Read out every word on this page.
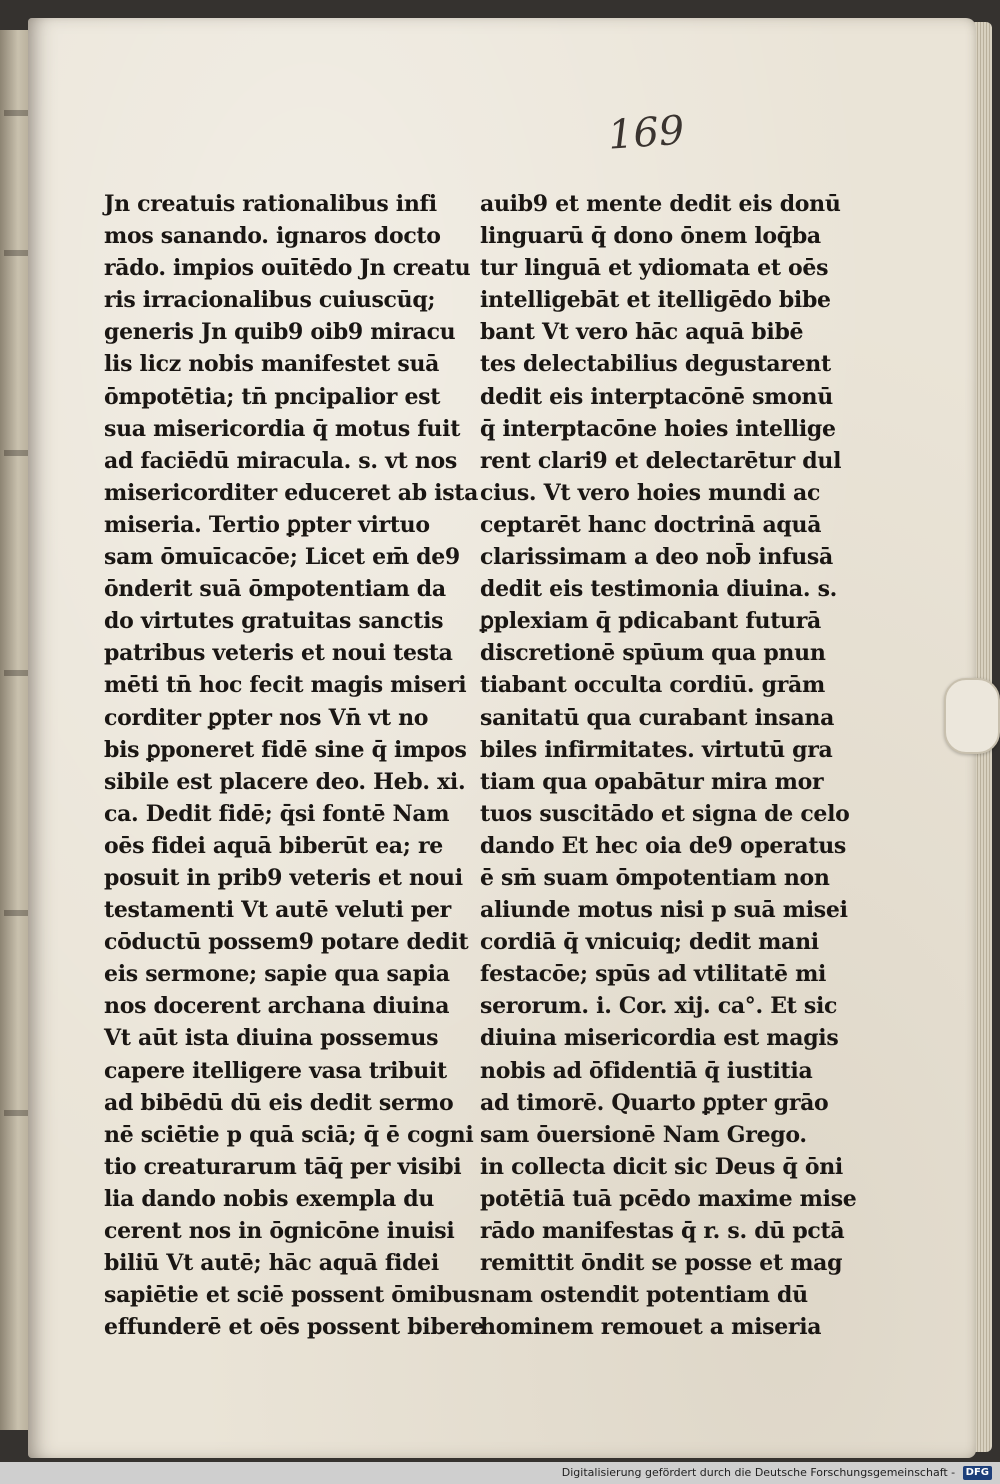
169
Jn creatuis rationalibus infi
mos sanando. ignaros docto
rādo. impios ouītēdo Jn creatu
ris irracionalibus cuiuscūq;
generis Jn quib9 oib9 miracu
lis licz nobis manifestet suā
ōmpotētia; tn̄ pncipalior est
sua misericordia q̄ motus fuit
ad faciēdū miracula. s. vt nos
misericorditer educeret ab ista
miseria. Tertio ꝑpter virtuo
sam ōmuīcacōe; Licet em̄ de9
ōnderit suā ōmpotentiam da
do virtutes gratuitas sanctis
patribus veteris et noui testa
mēti tn̄ hoc fecit magis miseri
corditer ꝑpter nos Vn̄ vt no
bis ꝑponeret fidē sine q̄ impos
sibile est placere deo. Heb. xi.
ca. Dedit fidē; q̄si fontē Nam
oēs fidei aquā biberūt ea; re
posuit in prib9 veteris et noui
testamenti Vt autē veluti per
cōductū possem9 potare dedit
eis sermone; sapie qua sapia
nos docerent archana diuina
Vt aūt ista diuina possemus
capere itelligere vasa tribuit
ad bibēdū dū eis dedit sermo
nē sciētie p quā sciā; q̄ ē cogni
tio creaturarum tāq̄ per visibi
lia dando nobis exempla du
cerent nos in ōgnicōne inuisi
biliū Vt autē; hāc aquā fidei
sapiētie et sciē possent ōmibus
effunderē et oēs possent bibere
auib9 et mente dedit eis donū
linguarū q̄ dono ōnem loq̄ba
tur linguā et ydiomata et oēs
intelligebāt et itelligēdo bibe
bant Vt vero hāc aquā bibē
tes delectabilius degustarent
dedit eis interptacōnē smonū
q̄ interptacōne hoies intellige
rent clari9 et delectarētur dul
cius. Vt vero hoies mundi ac
ceptarēt hanc doctrinā aquā
clarissimam a deo nob̄ infusā
dedit eis testimonia diuina. s.
ꝑplexiam q̄ pdicabant futurā
discretionē spūum qua pnun
tiabant occulta cordiū. grām
sanitatū qua curabant insana
biles infirmitates. virtutū gra
tiam qua opabātur mira mor
tuos suscitādo et signa de celo
dando Et hec oia de9 operatus
ē sm̄ suam ōmpotentiam non
aliunde motus nisi p suā misei
cordiā q̄ vnicuiq; dedit mani
festacōe; spūs ad vtilitatē mi
serorum. i. Cor. xij. ca°. Et sic
diuina misericordia est magis
nobis ad ōfidentiā q̄ iustitia
ad timorē. Quarto ꝑpter grāo
sam ōuersionē Nam Grego.
in collecta dicit sic Deus q̄ ōni
potētiā tuā pcēdo maxime mise
rādo manifestas q̄ r. s. dū pctā
remittit ōndit se posse et mag
nam ostendit potentiam dū
hominem remouet a miseria
Digitalisierung gefördert durch die Deutsche Forschungsgemeinschaft - DFG
